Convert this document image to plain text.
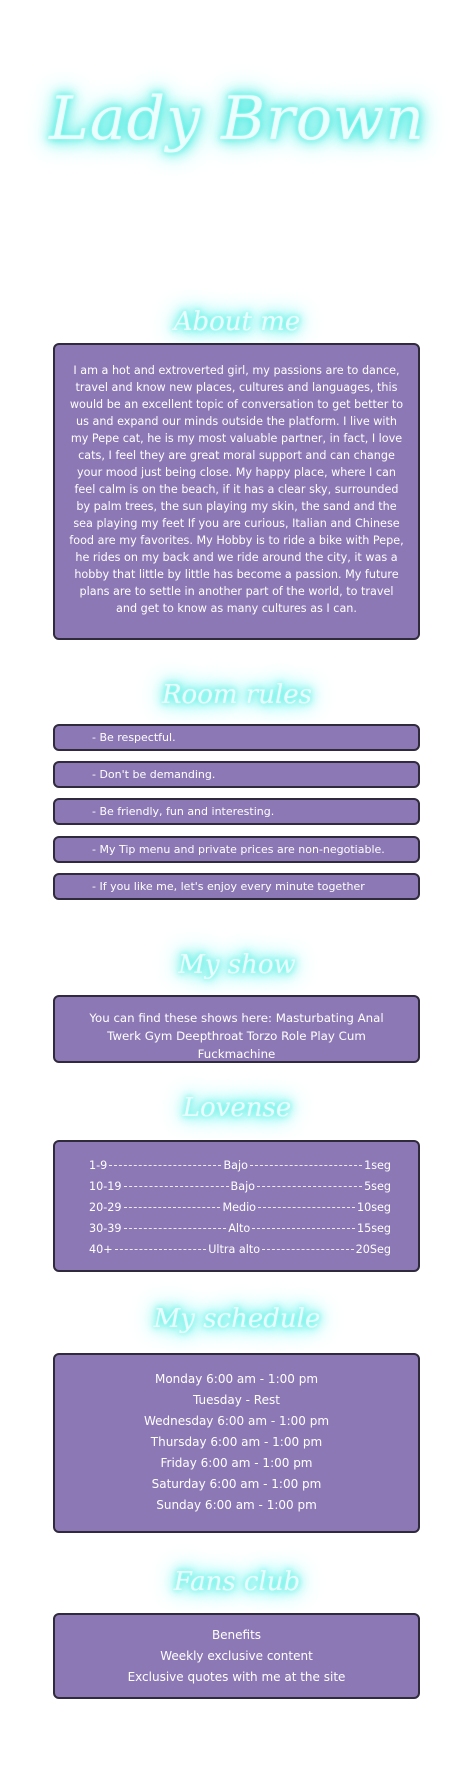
Lady Brown
About me
I am a hot and extroverted girl, my passions are to dance, travel and know new places, cultures and languages, this would be an excellent topic of conversation to get better to us and expand our minds outside the platform. I live with my Pepe cat, he is my most valuable partner, in fact, I love cats, I feel they are great moral support and can change your mood just being close. My happy place, where I can feel calm is on the beach, if it has a clear sky, surrounded by palm trees, the sun playing my skin, the sand and the sea playing my feet If you are curious, Italian and Chinese food are my favorites. My Hobby is to ride a bike with Pepe, he rides on my back and we ride around the city, it was a hobby that little by little has become a passion. My future plans are to settle in another part of the world, to travel and get to know as many cultures as I can.
Room rules
- Be respectful.
- Don't be demanding.
- Be friendly, fun and interesting.
- My Tip menu and private prices are non-negotiable.
- If you like me, let's enjoy every minute together
My show
You can find these shows here: Masturbating Anal Twerk Gym Deepthroat Torzo Role Play Cum Fuckmachine
Lovense
1-9	Bajo	1seg
10-19	Bajo	5seg
20-29	Medio	10seg
30-39	Alto	15seg
40+	Ultra alto	20Seg
My schedule
Monday 6:00 am - 1:00 pm
Tuesday - Rest
Wednesday 6:00 am - 1:00 pm
Thursday 6:00 am - 1:00 pm
Friday 6:00 am - 1:00 pm
Saturday 6:00 am - 1:00 pm
Sunday 6:00 am - 1:00 pm
Fans club
Benefits
Weekly exclusive content
Exclusive quotes with me at the site
